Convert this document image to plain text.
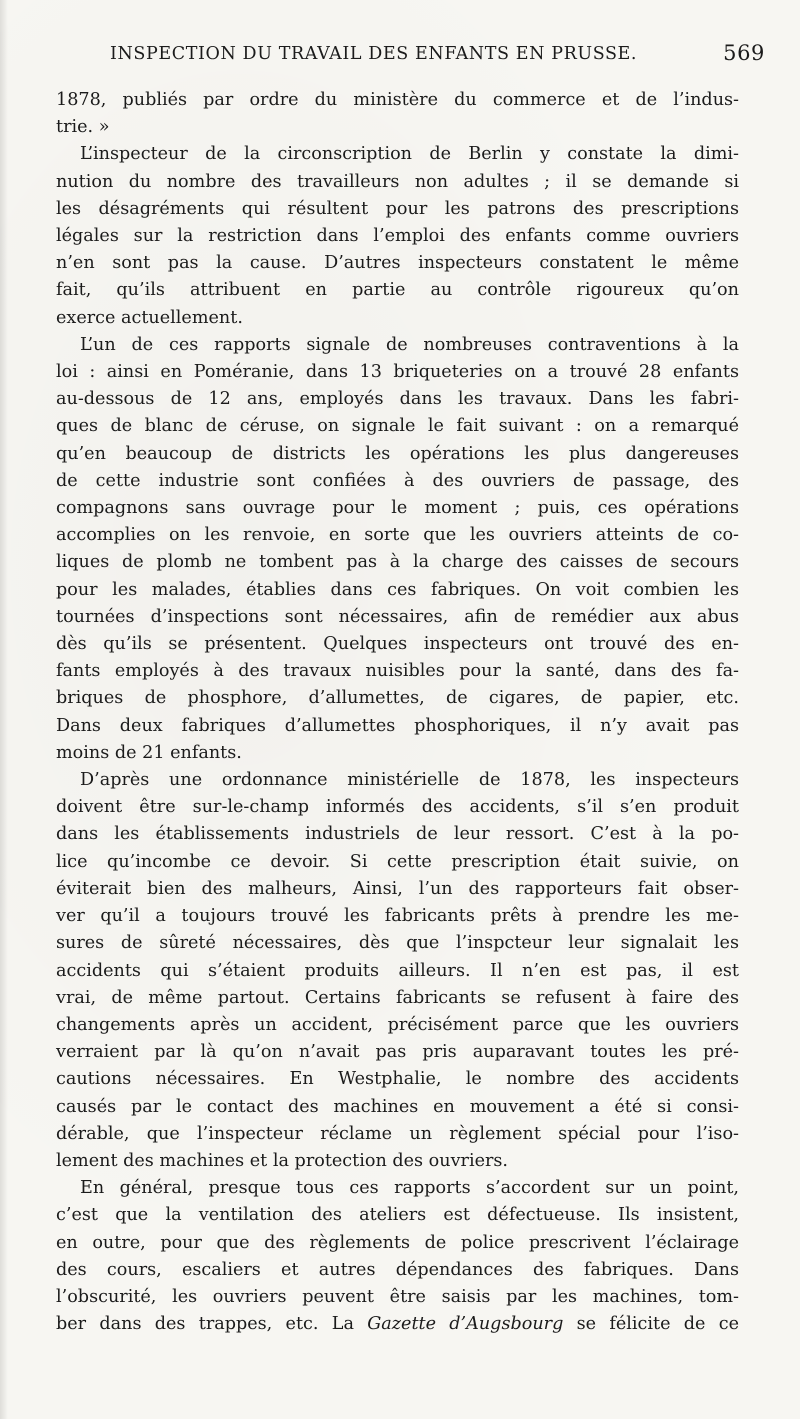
INSPECTION DU TRAVAIL DES ENFANTS EN PRUSSE.	569

1878, publiés par ordre du ministère du commerce et de l’indus-
trie. »

L’inspecteur de la circonscription de Berlin y constate la dimi-
nution du nombre des travailleurs non adultes ; il se demande si
les désagréments qui résultent pour les patrons des prescriptions
légales sur la restriction dans l’emploi des enfants comme ouvriers
n’en sont pas la cause. D’autres inspecteurs constatent le même
fait, qu’ils attribuent en partie au contrôle rigoureux qu’on
exerce actuellement.

L’un de ces rapports signale de nombreuses contraventions à la
loi : ainsi en Poméranie, dans 13 briqueteries on a trouvé 28 enfants
au-dessous de 12 ans, employés dans les travaux. Dans les fabri-
ques de blanc de céruse, on signale le fait suivant : on a remarqué
qu’en beaucoup de districts les opérations les plus dangereuses
de cette industrie sont confiées à des ouvriers de passage, des
compagnons sans ouvrage pour le moment ; puis, ces opérations
accomplies on les renvoie, en sorte que les ouvriers atteints de co-
liques de plomb ne tombent pas à la charge des caisses de secours
pour les malades, établies dans ces fabriques. On voit combien les
tournées d’inspections sont nécessaires, afin de remédier aux abus
dès qu’ils se présentent. Quelques inspecteurs ont trouvé des en-
fants employés à des travaux nuisibles pour la santé, dans des fa-
briques de phosphore, d’allumettes, de cigares, de papier, etc.
Dans deux fabriques d’allumettes phosphoriques, il n’y avait pas
moins de 21 enfants.

D’après une ordonnance ministérielle de 1878, les inspecteurs
doivent être sur-le-champ informés des accidents, s’il s’en produit
dans les établissements industriels de leur ressort. C’est à la po-
lice qu’incombe ce devoir. Si cette prescription était suivie, on
éviterait bien des malheurs, Ainsi, l’un des rapporteurs fait obser-
ver qu’il a toujours trouvé les fabricants prêts à prendre les me-
sures de sûreté nécessaires, dès que l’inspcteur leur signalait les
accidents qui s’étaient produits ailleurs. Il n’en est pas, il est
vrai, de même partout. Certains fabricants se refusent à faire des
changements après un accident, précisément parce que les ouvriers
verraient par là qu’on n’avait pas pris auparavant toutes les pré-
cautions nécessaires. En Westphalie, le nombre des accidents
causés par le contact des machines en mouvement a été si consi-
dérable, que l’inspecteur réclame un règlement spécial pour l’iso-
lement des machines et la protection des ouvriers.

En général, presque tous ces rapports s’accordent sur un point,
c’est que la ventilation des ateliers est défectueuse. Ils insistent,
en outre, pour que des règlements de police prescrivent l’éclairage
des cours, escaliers et autres dépendances des fabriques. Dans
l’obscurité, les ouvriers peuvent être saisis par les machines, tom-
ber dans des trappes, etc. La Gazette d’Augsbourg se félicite de ce
